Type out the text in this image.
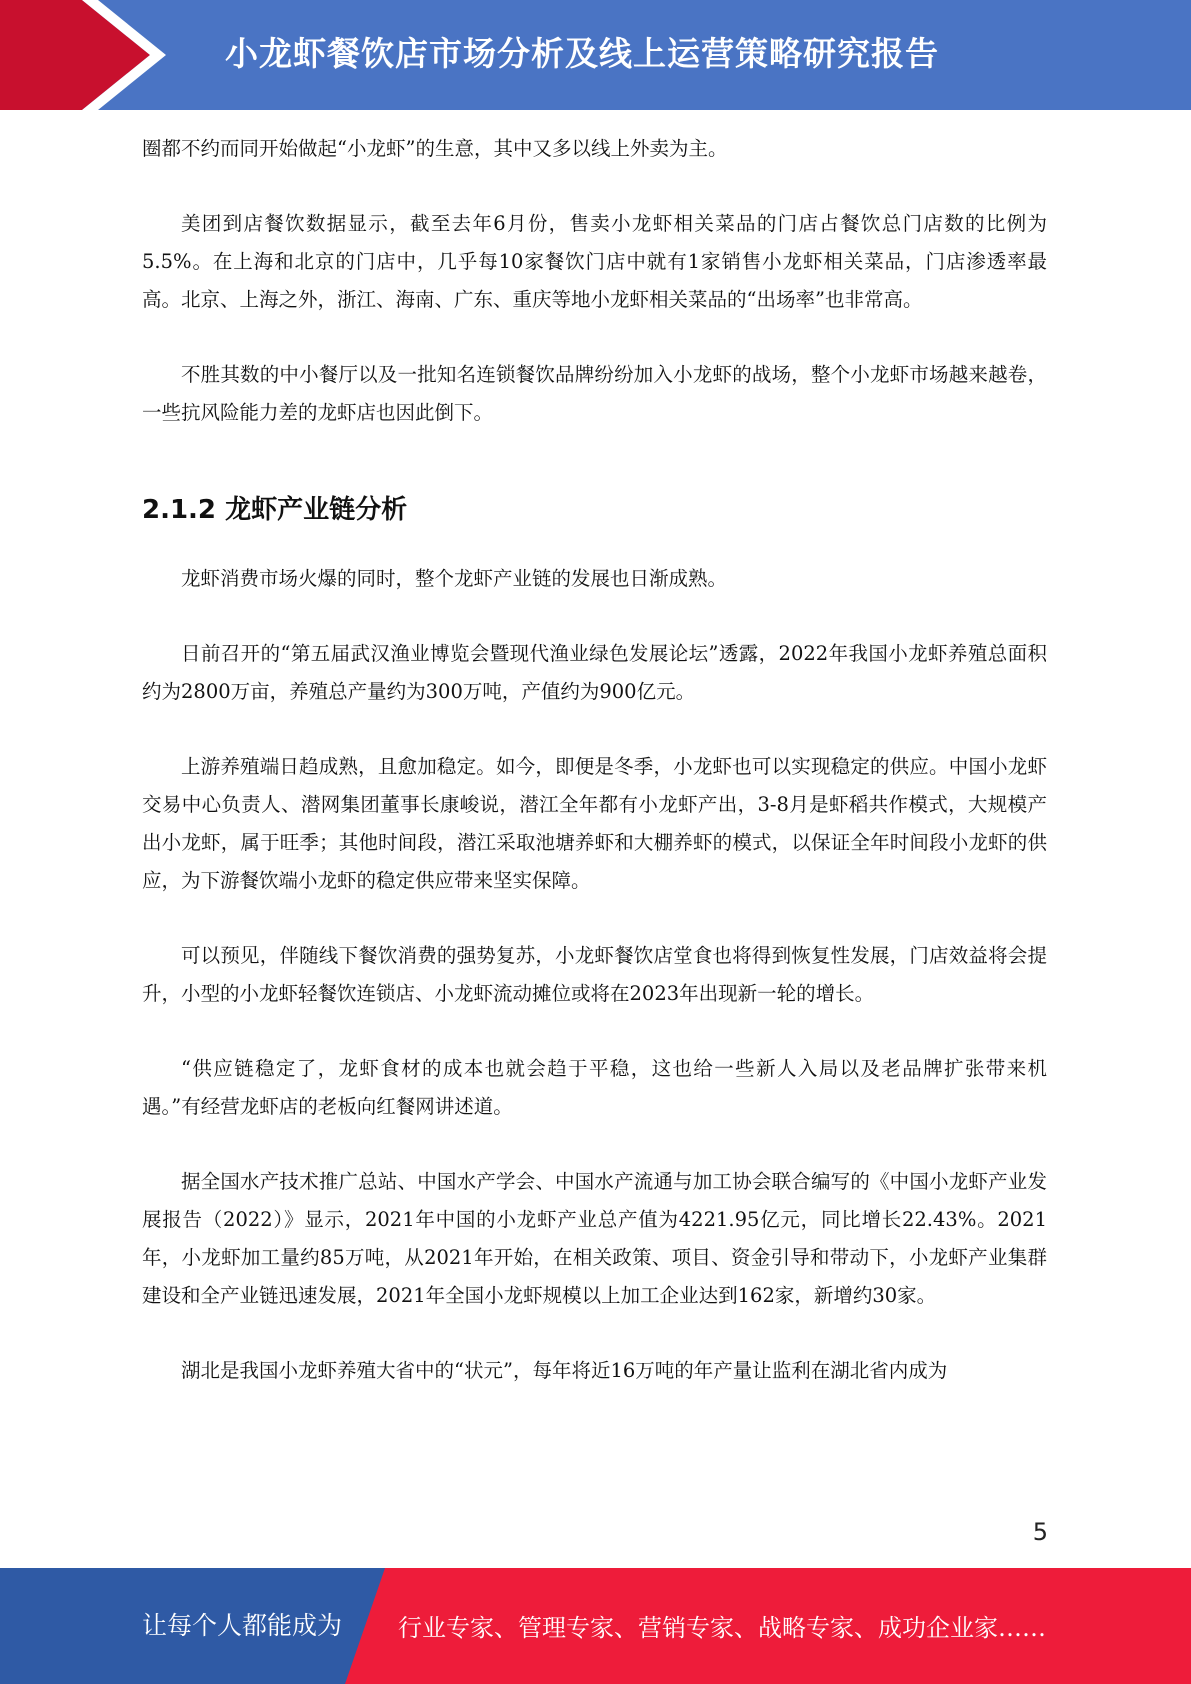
小龙虾餐饮店市场分析及线上运营策略研究报告

圈都不约而同开始做起“小龙虾”的生意，其中又多以线上外卖为主。

美团到店餐饮数据显示，截至去年6月份，售卖小龙虾相关菜品的门店占餐饮总门店数的比例为5.5%。在上海和北京的门店中，几乎每10家餐饮门店中就有1家销售小龙虾相关菜品，门店渗透率最高。北京、上海之外，浙江、海南、广东、重庆等地小龙虾相关菜品的“出场率”也非常高。

不胜其数的中小餐厅以及一批知名连锁餐饮品牌纷纷加入小龙虾的战场，整个小龙虾市场越来越卷，一些抗风险能力差的龙虾店也因此倒下。

2.1.2 龙虾产业链分析

龙虾消费市场火爆的同时，整个龙虾产业链的发展也日渐成熟。

日前召开的“第五届武汉渔业博览会暨现代渔业绿色发展论坛”透露，2022年我国小龙虾养殖总面积约为2800万亩，养殖总产量约为300万吨，产值约为900亿元。

上游养殖端日趋成熟，且愈加稳定。如今，即便是冬季，小龙虾也可以实现稳定的供应。中国小龙虾交易中心负责人、潜网集团董事长康峻说，潜江全年都有小龙虾产出，3-8月是虾稻共作模式，大规模产出小龙虾，属于旺季；其他时间段，潜江采取池塘养虾和大棚养虾的模式，以保证全年时间段小龙虾的供应，为下游餐饮端小龙虾的稳定供应带来坚实保障。

可以预见，伴随线下餐饮消费的强势复苏，小龙虾餐饮店堂食也将得到恢复性发展，门店效益将会提升，小型的小龙虾轻餐饮连锁店、小龙虾流动摊位或将在2023年出现新一轮的增长。

“供应链稳定了，龙虾食材的成本也就会趋于平稳，这也给一些新人入局以及老品牌扩张带来机遇。”有经营龙虾店的老板向红餐网讲述道。

据全国水产技术推广总站、中国水产学会、中国水产流通与加工协会联合编写的《中国小龙虾产业发展报告（2022）》显示，2021年中国的小龙虾产业总产值为4221.95亿元，同比增长22.43%。2021年，小龙虾加工量约85万吨，从2021年开始，在相关政策、项目、资金引导和带动下，小龙虾产业集群建设和全产业链迅速发展，2021年全国小龙虾规模以上加工企业达到162家，新增约30家。

湖北是我国小龙虾养殖大省中的“状元”，每年将近16万吨的年产量让监利在湖北省内成为

5
让每个人都能成为 行业专家、管理专家、营销专家、战略专家、成功企业家……
